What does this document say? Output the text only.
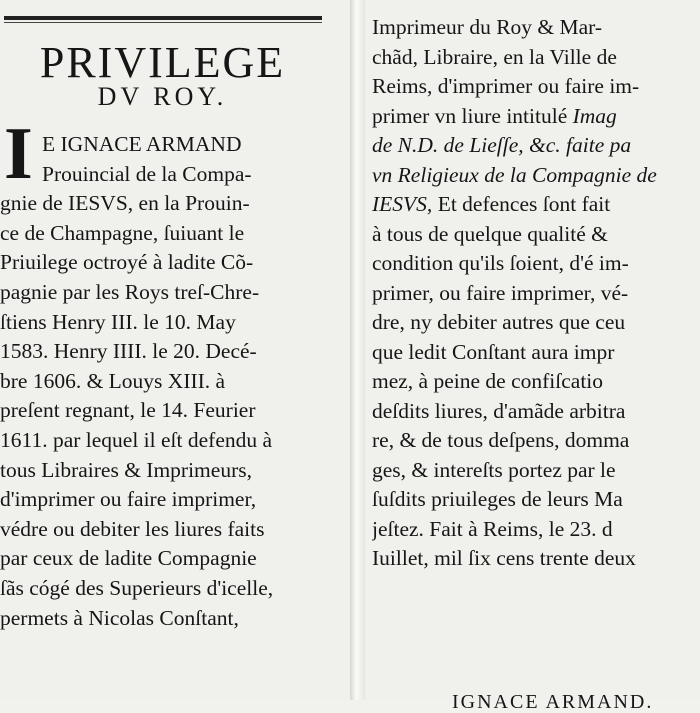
PRIVILEGE
DV ROY.
I E IGNACE ARMAND
Prouincial de la Compa-
gnie de IESVS, en la Prouin-
ce de Champagne, ſuiuant le
Priuilege octroyé à ladite Cõ-
pagnie par les Roys treſ-Chre-
ſtiens Henry III. le 10. May
1583. Henry IIII. le 20. Decé-
bre 1606. & Louys XIII. à
preſent regnant, le 14. Feurier
1611. par lequel il eſt defendu à
tous Libraires & Imprimeurs,
d'imprimer ou faire imprimer,
védre ou debiter les liures faits
par ceux de ladite Compagnie
ſãs cógé des Superieurs d'icelle,
permets à Nicolas Conſtant,
Imprimeur du Roy & Mar-
chãd, Libraire, en la Ville de
Reims, d'imprimer ou faire im-
primer vn liure intitulé Imag
de N.D. de Lieſſe, &c. faite pa
vn Religieux de la Compagnie de
IESVS, Et defences ſont fait
à tous de quelque qualité &
condition qu'ils ſoient, d'é im-
primer, ou faire imprimer, vé-
dre, ny debiter autres que ceu
que ledit Conſtant aura impr
mez, à peine de confiſcatio
deſdits liures, d'amãde arbitra
re, & de tous deſpens, domma
ges, & intereſts portez par le
ſuſdits priuileges de leurs Ma
jeſtez. Fait à Reims, le 23. d
Iuillet, mil ſix cens trente deux
IGNACE ARMAND.
